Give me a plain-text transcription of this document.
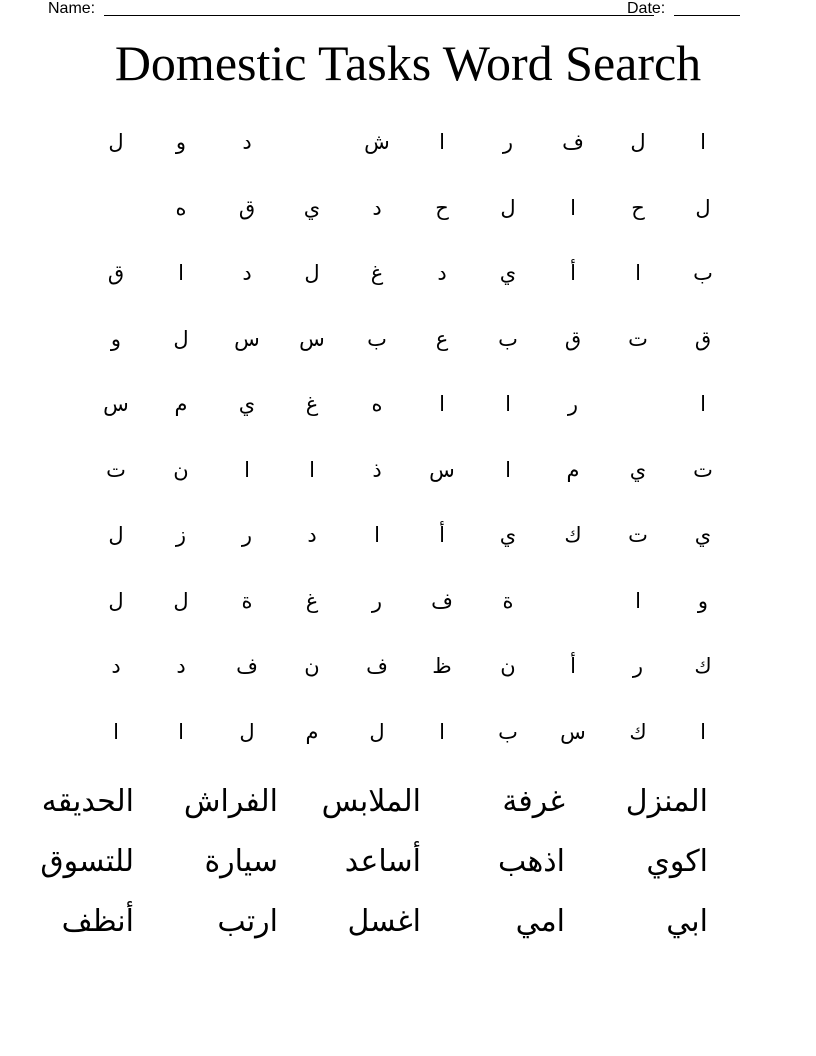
Name:	Date:
Domestic Tasks Word Search
ا
ل
ف
ر
ا
ش
د
و
ل
ل
ح
ا
ل
ح
د
ي
ق
ه
ب
ا
أ
ي
د
غ
ل
د
ا
ق
ق
ت
ق
ب
ع
ب
س
س
ل
و
ا
ر
ا
ا
ه
غ
ي
م
س
ت
ي
م
ا
س
ذ
ا
ا
ن
ت
ي
ت
ك
ي
أ
ا
د
ر
ز
ل
و
ا
ة
ف
ر
غ
ة
ل
ل
ك
ر
أ
ن
ظ
ف
ن
ف
د
د
ا
ك
س
ب
ا
ل
م
ل
ا
ا
المنزل
غرفة
الملابس
الفراش
الحديقه
اكوي
اذهب
أساعد
سيارة
للتسوق
ابي
امي
اغسل
ارتب
أنظف
